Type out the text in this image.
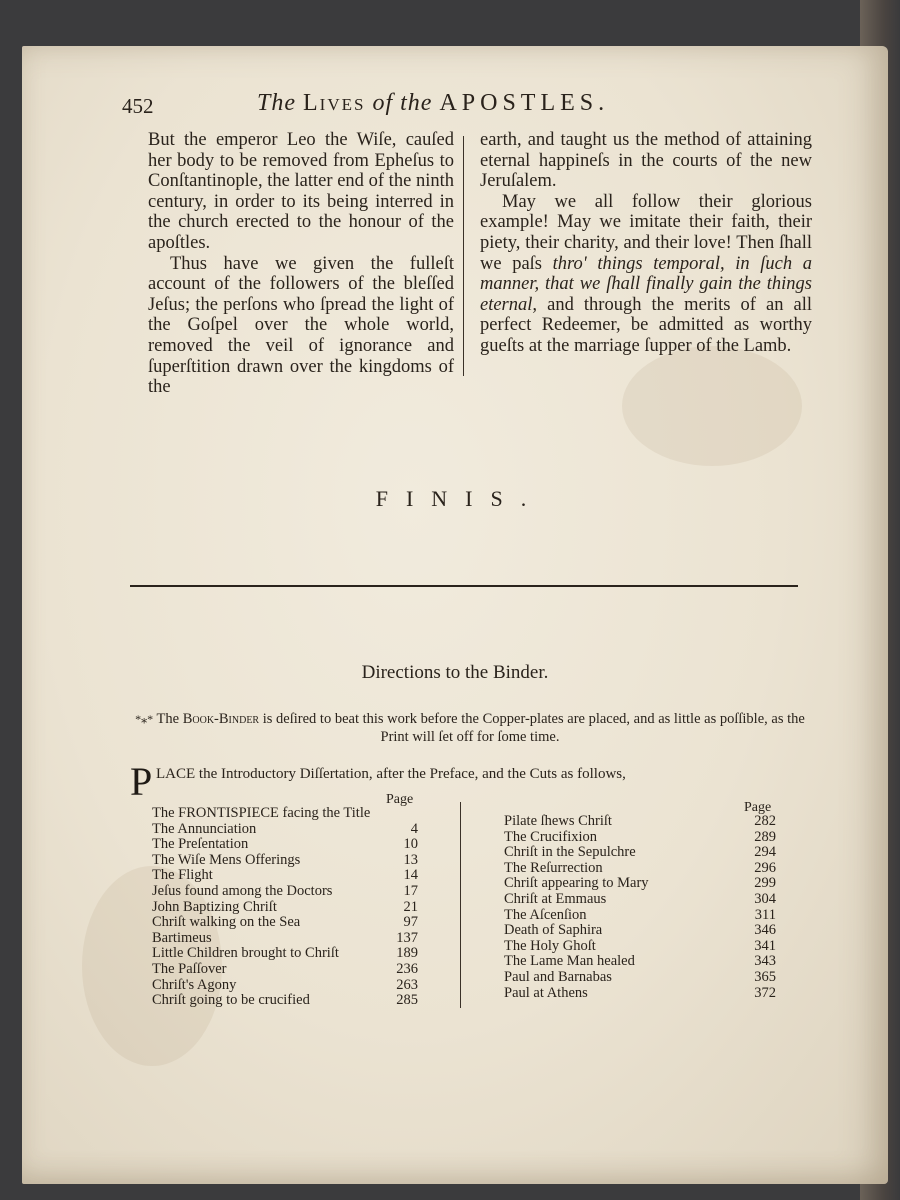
452	The Lives of the APOSTLES.

But the emperor Leo the Wiſe, cauſed her body to be removed from Epheſus to Conſtantinople, the latter end of the ninth century, in order to its being interred in the church erected to the honour of the apoſtles.

Thus have we given the fulleſt account of the followers of the bleſſed Jeſus; the perſons who ſpread the light of the Goſpel over the whole world, removed the veil of ignorance and ſuperſtition drawn over the kingdoms of the

earth, and taught us the method of attaining eternal happineſs in the courts of the new Jeruſalem.

May we all follow their glorious example! May we imitate their faith, their piety, their charity, and their love! Then ſhall we paſs thro' things temporal, in ſuch a manner, that we ſhall finally gain the things eternal, and through the merits of an all perfect Redeemer, be admitted as worthy gueſts at the marriage ſupper of the Lamb.

FINIS.
Directions to the Binder.
*⁎* The Book-Binder is deſired to beat this work before the Copper-plates are placed, and as little as poſſible, as the Print will ſet off for ſome time.
P LACE the Introductory Diſſertation, after the Preface, and the Cuts as follows,
Page
The FRONTISPIECE facing the Title
The Annunciation	4
The Preſentation	10
The Wiſe Mens Offerings	13
The Flight	14
Jeſus found among the Doctors	17
John Baptizing Chriſt	21
Chriſt walking on the Sea	97
Bartimeus	137
Little Children brought to Chriſt	189
The Paſſover	236
Chriſt's Agony	263
Chriſt going to be crucified	285
Page
Pilate ſhews Chriſt	282
The Crucifixion	289
Chriſt in the Sepulchre	294
The Reſurrection	296
Chriſt appearing to Mary	299
Chriſt at Emmaus	304
The Aſcenſion	311
Death of Saphira	346
The Holy Ghoſt	341
The Lame Man healed	343
Paul and Barnabas	365
Paul at Athens	372
